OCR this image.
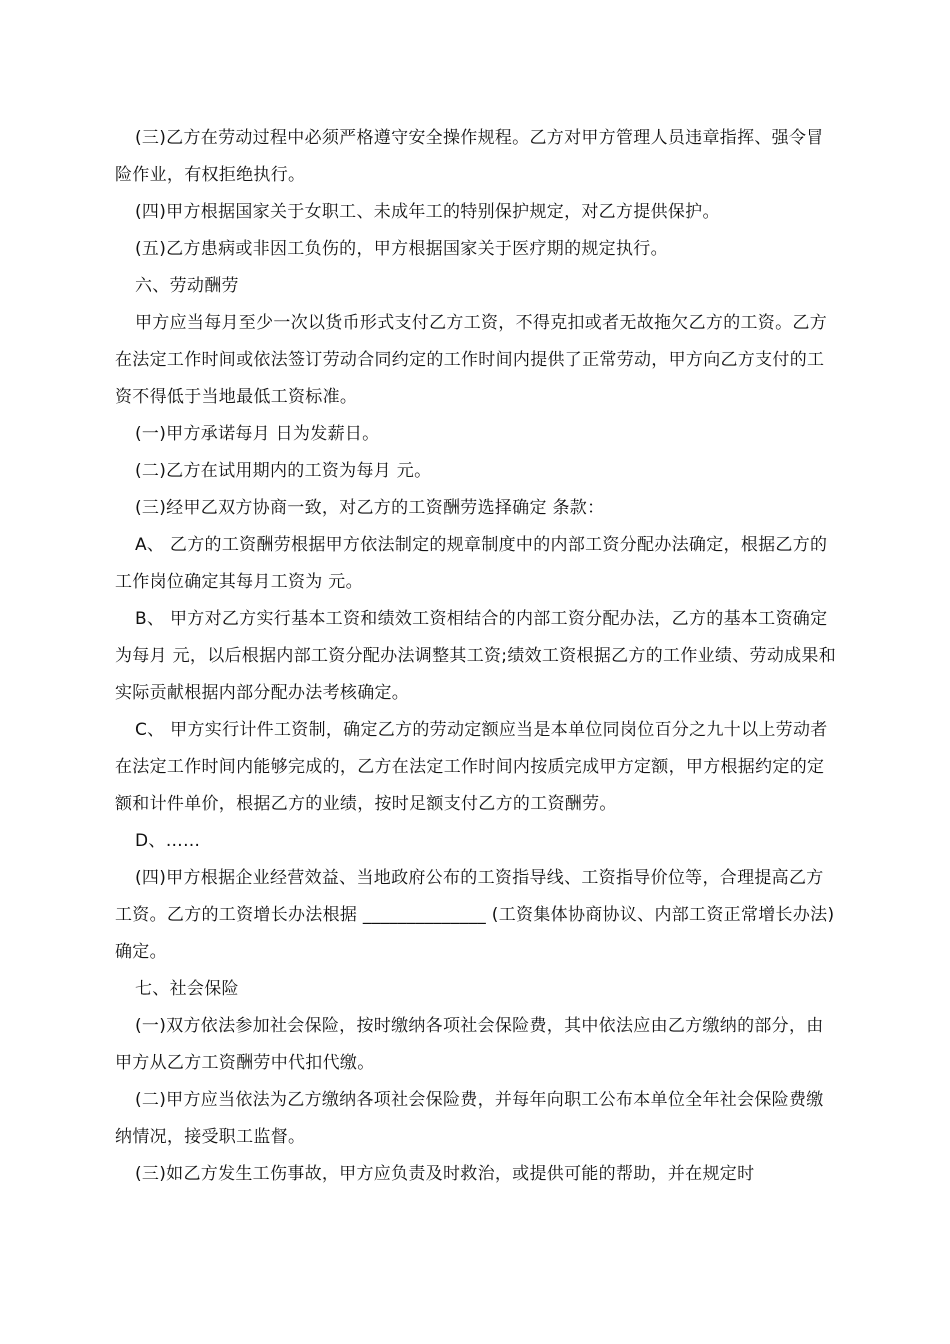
(三)乙方在劳动过程中必须严格遵守安全操作规程。乙方对甲方管理人员违章指挥、强令冒险作业，有权拒绝执行。

(四)甲方根据国家关于女职工、未成年工的特别保护规定，对乙方提供保护。

(五)乙方患病或非因工负伤的，甲方根据国家关于医疗期的规定执行。

六、劳动酬劳

甲方应当每月至少一次以货币形式支付乙方工资，不得克扣或者无故拖欠乙方的工资。乙方在法定工作时间或依法签订劳动合同约定的工作时间内提供了正常劳动，甲方向乙方支付的工资不得低于当地最低工资标准。

(一)甲方承诺每月 日为发薪日。

(二)乙方在试用期内的工资为每月 元。

(三)经甲乙双方协商一致，对乙方的工资酬劳选择确定 条款：

A、 乙方的工资酬劳根据甲方依法制定的规章制度中的内部工资分配办法确定，根据乙方的工作岗位确定其每月工资为 元。

B、 甲方对乙方实行基本工资和绩效工资相结合的内部工资分配办法，乙方的基本工资确定为每月 元，以后根据内部工资分配办法调整其工资;绩效工资根据乙方的工作业绩、劳动成果和实际贡献根据内部分配办法考核确定。

C、 甲方实行计件工资制，确定乙方的劳动定额应当是本单位同岗位百分之九十以上劳动者在法定工作时间内能够完成的，乙方在法定工作时间内按质完成甲方定额，甲方根据约定的定额和计件单价，根据乙方的业绩，按时足额支付乙方的工资酬劳。

D、……

(四)甲方根据企业经营效益、当地政府公布的工资指导线、工资指导价位等，合理提高乙方工资。乙方的工资增长办法根据 ______________ (工资集体协商协议、内部工资正常增长办法)确定。

七、社会保险

(一)双方依法参加社会保险，按时缴纳各项社会保险费，其中依法应由乙方缴纳的部分，由甲方从乙方工资酬劳中代扣代缴。

(二)甲方应当依法为乙方缴纳各项社会保险费，并每年向职工公布本单位全年社会保险费缴纳情况，接受职工监督。

(三)如乙方发生工伤事故，甲方应负责及时救治，或提供可能的帮助，并在规定时
